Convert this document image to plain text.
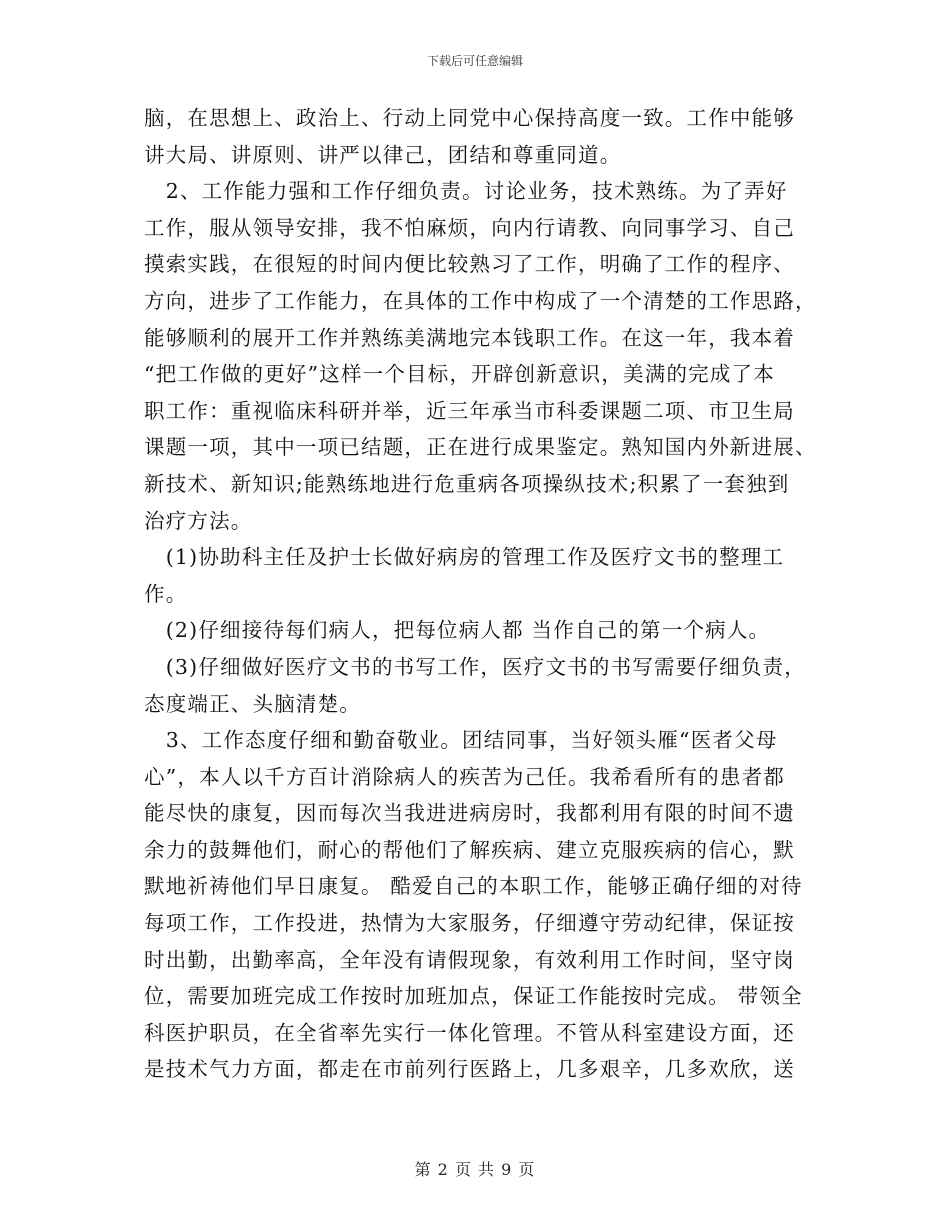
下载后可任意编辑
脑，在思想上、政治上、行动上同党中心保持高度一致。工作中能够
讲大局、讲原则、讲严以律己，团结和尊重同道。
　2、工作能力强和工作仔细负责。讨论业务，技术熟练。为了弄好
工作，服从领导安排，我不怕麻烦，向内行请教、向同事学习、自己
摸索实践，在很短的时间内便比较熟习了工作，明确了工作的程序、
方向，进步了工作能力，在具体的工作中构成了一个清楚的工作思路，
能够顺利的展开工作并熟练美满地完本钱职工作。在这一年，我本着
“把工作做的更好”这样一个目标，开辟创新意识，美满的完成了本
职工作：重视临床科研并举，近三年承当市科委课题二项、市卫生局
课题一项，其中一项已结题，正在进行成果鉴定。熟知国内外新进展、
新技术、新知识;能熟练地进行危重病各项操纵技术;积累了一套独到
治疗方法。
　(1)协助科主任及护士长做好病房的管理工作及医疗文书的整理工
作。
　(2)仔细接待每们病人，把每位病人都 当作自己的第一个病人。
　(3)仔细做好医疗文书的书写工作，医疗文书的书写需要仔细负责，
态度端正、头脑清楚。
　3、工作态度仔细和勤奋敬业。团结同事，当好领头雁“医者父母
心”，本人以千方百计消除病人的疾苦为己任。我希看所有的患者都
能尽快的康复，因而每次当我进进病房时，我都利用有限的时间不遗
余力的鼓舞他们，耐心的帮他们了解疾病、建立克服疾病的信心，默
默地祈祷他们早日康复。 酷爱自己的本职工作，能够正确仔细的对待
每项工作，工作投进，热情为大家服务，仔细遵守劳动纪律，保证按
时出勤，出勤率高，全年没有请假现象，有效利用工作时间，坚守岗
位，需要加班完成工作按时加班加点，保证工作能按时完成。 带领全
科医护职员，在全省率先实行一体化管理。不管从科室建设方面，还
是技术气力方面，都走在市前列行医路上，几多艰辛，几多欢欣，送
第 2 页 共 9 页
